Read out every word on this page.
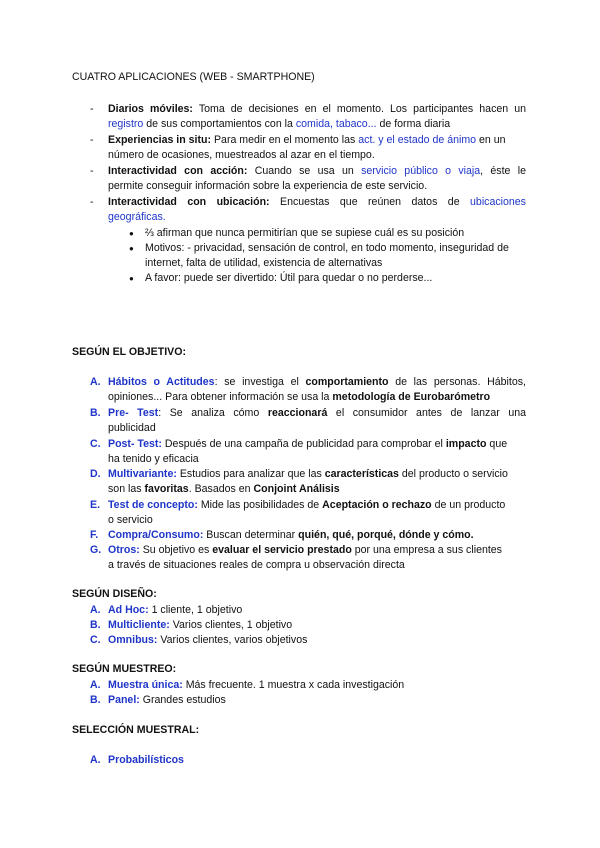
CUATRO APLICACIONES (WEB - SMARTPHONE)
- Diarios móviles: Toma de decisiones en el momento. Los participantes hacen un
registro de sus comportamientos con la comida, tabaco... de forma diaria
- Experiencias in situ: Para medir en el momento las act. y el estado de ánimo en un
número de ocasiones, muestreados al azar en el tiempo.
- Interactividad con acción: Cuando se usa un servicio público o viaja, éste le
permite conseguir información sobre la experiencia de este servicio.
- Interactividad con ubicación: Encuestas que reúnen datos de ubicaciones
geográficas.
● ⅔ afirman que nunca permitirían que se supiese cuál es su posición
● Motivos: - privacidad, sensación de control, en todo momento, inseguridad de
internet, falta de utilidad, existencia de alternativas
● A favor: puede ser divertido: Útil para quedar o no perderse...
SEGÚN EL OBJETIVO:
A. Hábitos o Actitudes: se investiga el comportamiento de las personas. Hábitos,
opiniones... Para obtener información se usa la metodología de Eurobarómetro
B. Pre- Test: Se analiza cómo reaccionará el consumidor antes de lanzar una
publicidad
C. Post- Test: Después de una campaña de publicidad para comprobar el impacto que
ha tenido y eficacia
D. Multivariante: Estudios para analizar que las características del producto o servicio
son las favoritas. Basados en Conjoint Análisis
E. Test de concepto: Mide las posibilidades de Aceptación o rechazo de un producto
o servicio
F. Compra/Consumo: Buscan determinar quién, qué, porqué, dónde y cómo.
G. Otros: Su objetivo es evaluar el servicio prestado por una empresa a sus clientes
a través de situaciones reales de compra u observación directa
SEGÚN DISEÑO:
A. Ad Hoc: 1 cliente, 1 objetivo
B. Multicliente: Varios clientes, 1 objetivo
C. Omnibus: Varios clientes, varios objetivos
SEGÚN MUESTREO:
A. Muestra única: Más frecuente. 1 muestra x cada investigación
B. Panel: Grandes estudios
SELECCIÓN MUESTRAL:
A. Probabilísticos
